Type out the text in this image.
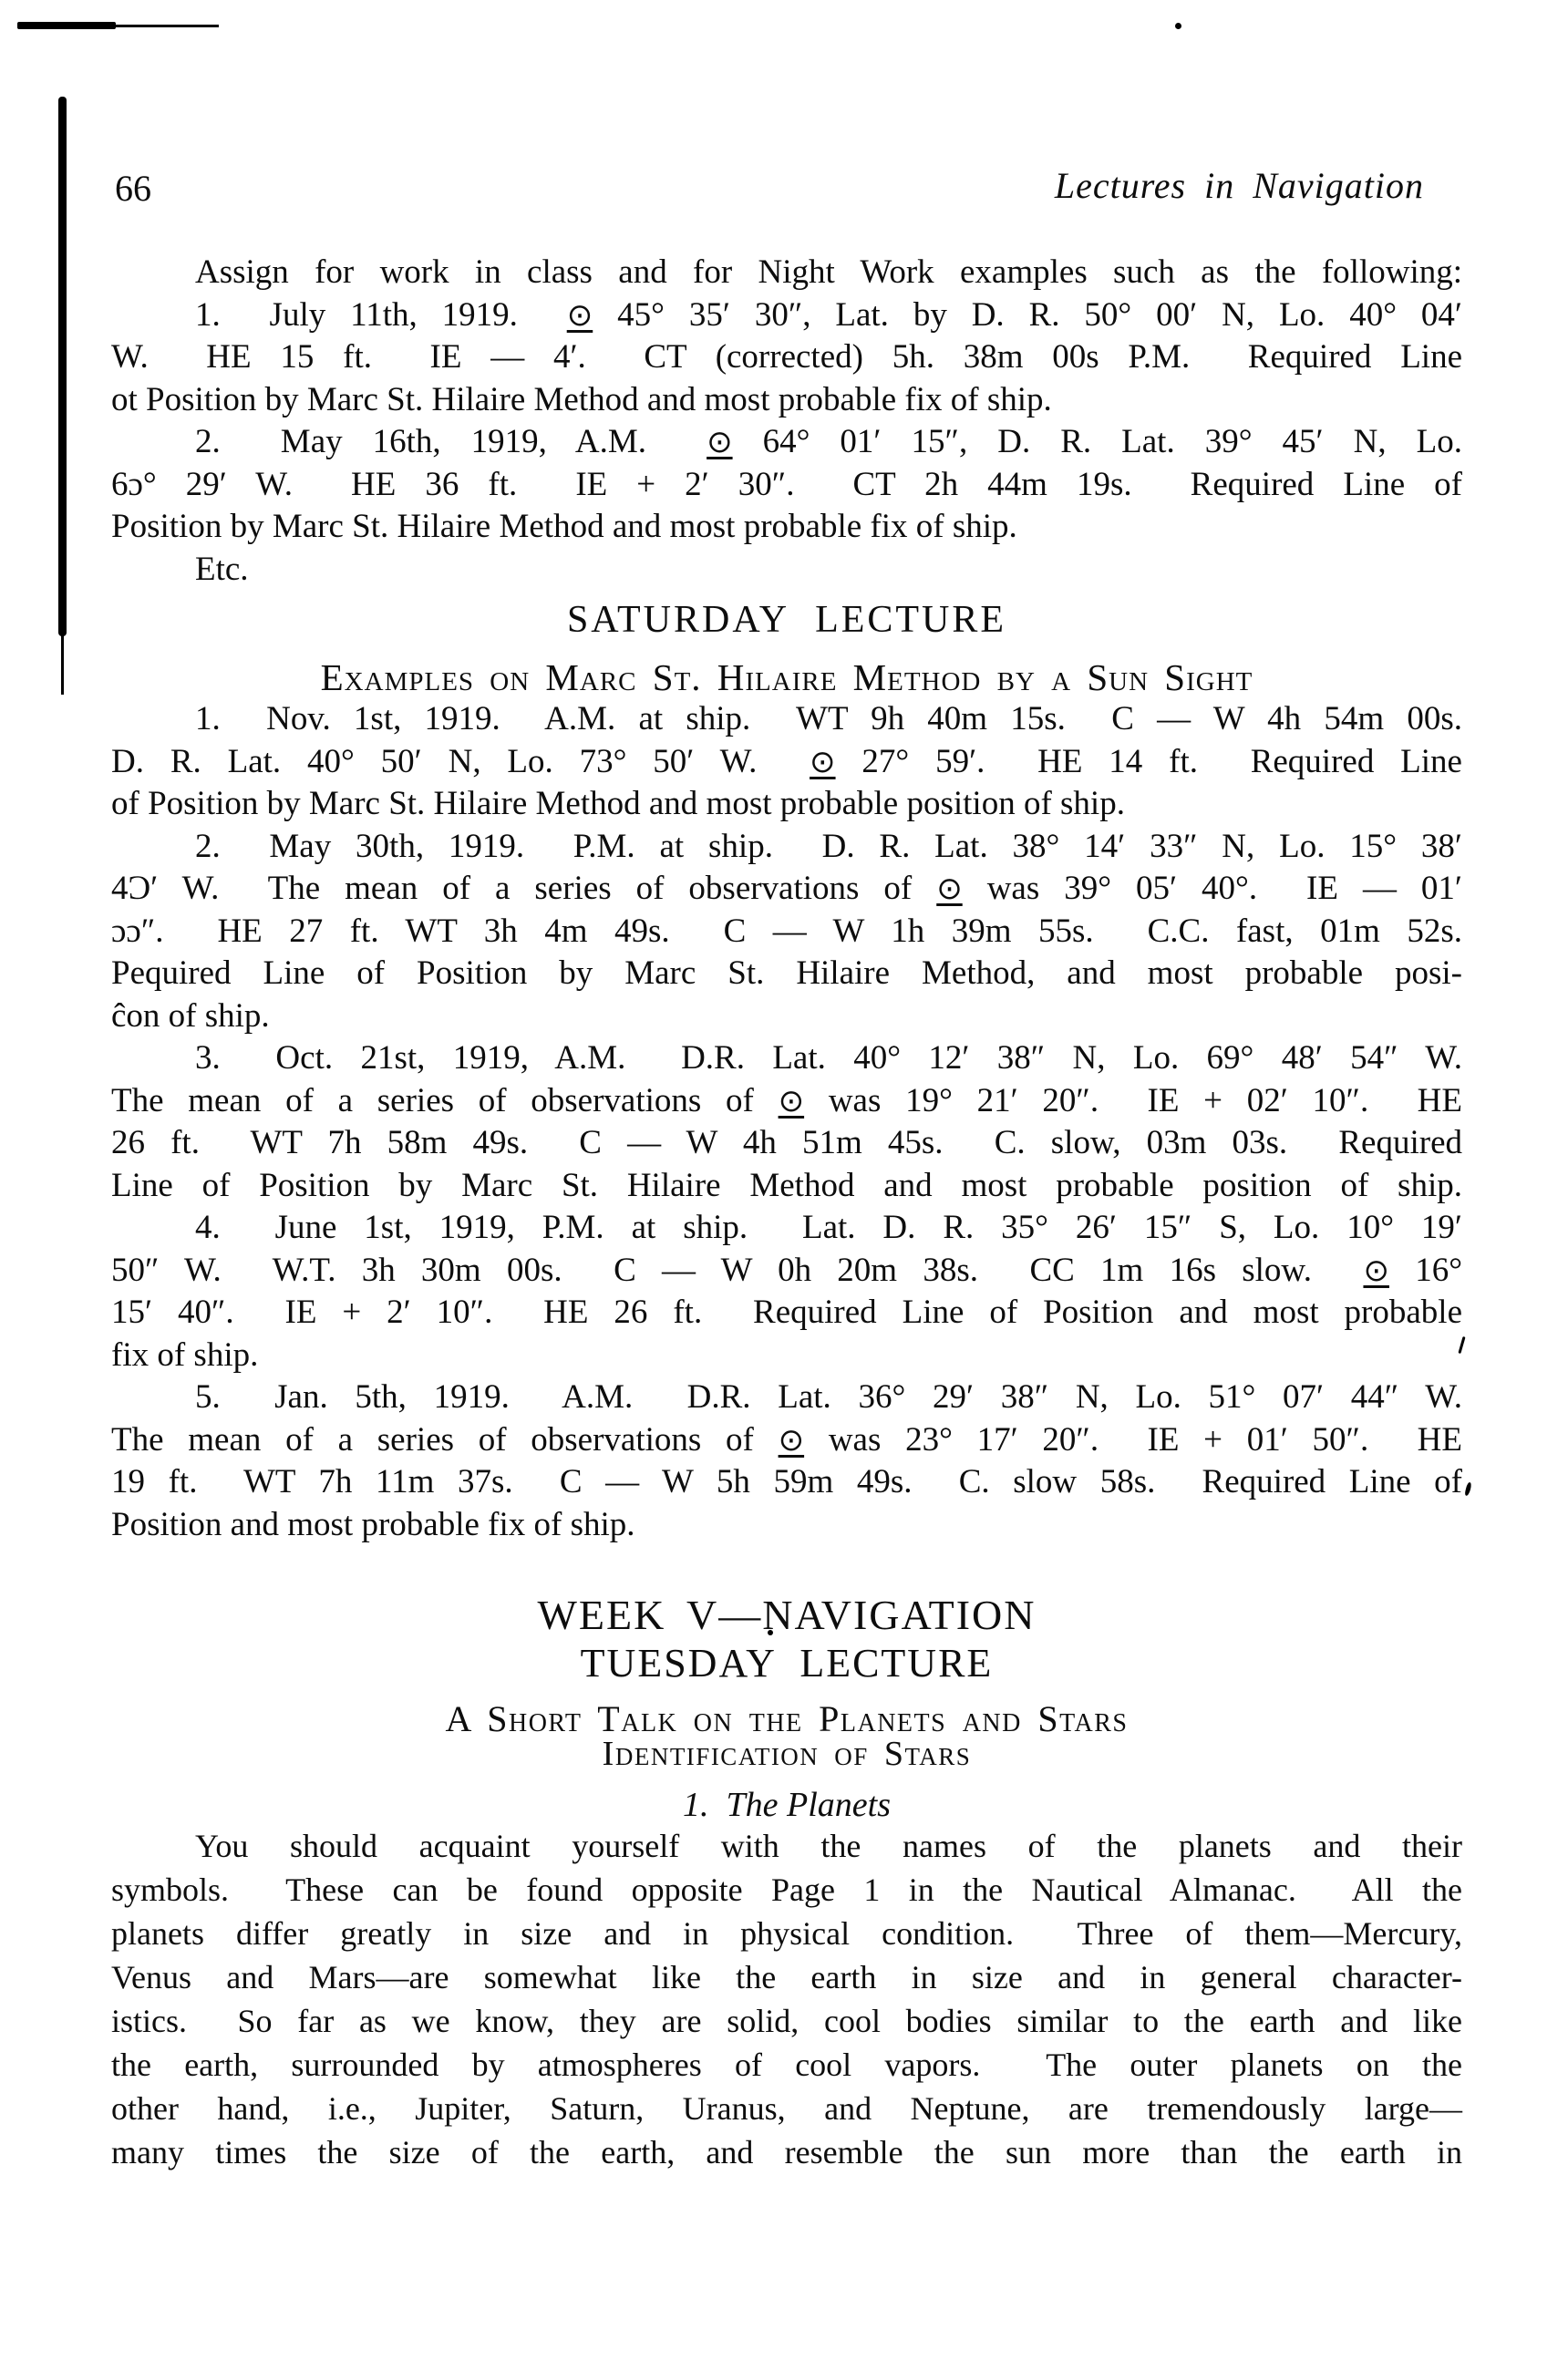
66	Lectures in Navigation
Assign for work in class and for Night Work examples such as the following:
1.  July 11th, 1919.  ⊙ 45° 35′ 30″, Lat. by D. R. 50° 00′ N, Lo. 40° 04′
W.  HE 15 ft.  IE — 4′.  CT (corrected) 5h. 38m 00s P.M.  Required Line
ot Position by Marc St. Hilaire Method and most probable fix of ship.
2.  May 16th, 1919, A.M.  ⊙ 64° 01′ 15″, D. R. Lat. 39° 45′ N, Lo.
6ɔ° 29′ W.  HE 36 ft.  IE + 2′ 30″.  CT 2h 44m 19s.  Required Line of
Position by Marc St. Hilaire Method and most probable fix of ship.
Etc.
SATURDAY LECTURE
Examples on Marc St. Hilaire Method by a Sun Sight
1.  Nov. 1st, 1919.  A.M. at ship.  WT 9h 40m 15s.  C — W 4h 54m 00s.
D. R. Lat. 40° 50′ N, Lo. 73° 50′ W.  ⊙ 27° 59′.  HE 14 ft.  Required Line
of Position by Marc St. Hilaire Method and most probable position of ship.
2.  May 30th, 1919.  P.M. at ship.  D. R. Lat. 38° 14′ 33″ N, Lo. 15° 38′
4Ɔ′ W.  The mean of a series of observations of ⊙ was 39° 05′ 40°.  IE — 01′
ɔɔ″.  HE 27 ft. WT 3h 4m 49s.  C — W 1h 39m 55s.  C.C. fast, 01m 52s.
Pequired Line of Position by Marc St. Hilaire Method, and most probable posi-
ĉon of ship.
3.  Oct. 21st, 1919, A.M.  D.R. Lat. 40° 12′ 38″ N, Lo. 69° 48′ 54″ W.
The mean of a series of observations of ⊙ was 19° 21′ 20″.  IE + 02′ 10″.  HE
26 ft.  WT 7h 58m 49s.  C — W 4h 51m 45s.  C. slow, 03m 03s.  Required
Line of Position by Marc St. Hilaire Method and most probable position of ship.
4.  June 1st, 1919, P.M. at ship.  Lat. D. R. 35° 26′ 15″ S, Lo. 10° 19′
50″ W.  W.T. 3h 30m 00s.  C — W 0h 20m 38s.  CC 1m 16s slow.  ⊙ 16°
15′ 40″.  IE + 2′ 10″.  HE 26 ft.  Required Line of Position and most probable
fix of ship.
5.  Jan. 5th, 1919.  A.M.  D.R. Lat. 36° 29′ 38″ N, Lo. 51° 07′ 44″ W.
The mean of a series of observations of ⊙ was 23° 17′ 20″.  IE + 01′ 50″.  HE
19 ft.  WT 7h 11m 37s.  C — W 5h 59m 49s.  C. slow 58s.  Required Line of
Position and most probable fix of ship.
WEEK V—NAVIGATION
TUESDAY LECTURE
A Short Talk on the Planets and Stars
Identification of Stars
1.  The Planets
You should acquaint yourself with the names of the planets and their
symbols.  These can be found opposite Page 1 in the Nautical Almanac.  All the
planets differ greatly in size and in physical condition.  Three of them—Mercury,
Venus and Mars—are somewhat like the earth in size and in general character-
istics.  So far as we know, they are solid, cool bodies similar to the earth and like
the earth, surrounded by atmospheres of cool vapors.  The outer planets on the
other hand, i.e., Jupiter, Saturn, Uranus, and Neptune, are tremendously large—
many times the size of the earth, and resemble the sun more than the earth in
